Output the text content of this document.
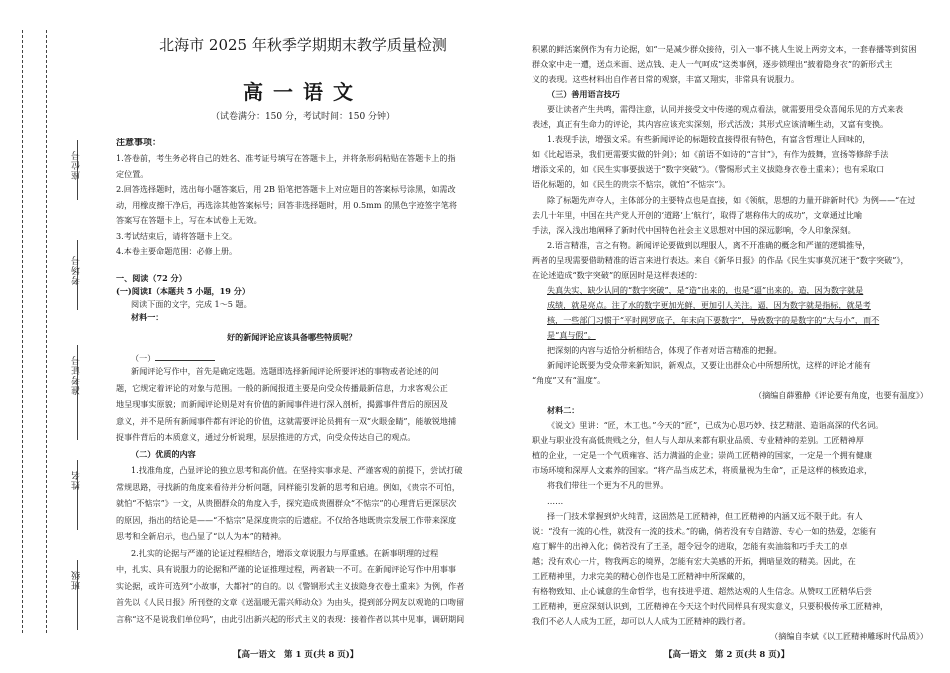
座位号
考场号
准考证号
姓名
班级
北海市 2025 年秋季学期期末教学质量检测
高一语文
（试卷满分：150 分，考试时间：150 分钟）
注意事项：
1.答卷前，考生务必将自己的姓名、准考证号填写在答题卡上，并将条形码粘贴在答题卡上的指
定位置。
2.回答选择题时，选出每小题答案后，用 2B 铅笔把答题卡上对应题目的答案标号涂黑，如需改
动，用橡皮擦干净后，再选涂其他答案标号；回答非选择题时，用 0.5mm 的黑色字迹签字笔将
答案写在答题卡上，写在本试卷上无效。
3.考试结束后，请将答题卡上交。
4.本卷主要命题范围：必修上册。
一、阅读（72 分）
(一)阅读Ⅰ（本题共 5 小题，19 分）
阅读下面的文字，完成 1～5 题。
材料一：
好的新闻评论应该具备哪些特质呢？
（一）
新闻评论写作中，首先是确定选题。选题即选择新闻评论所要评述的事物或者论述的问
题，它规定着评论的对象与范围。一般的新闻报道主要是向受众传播最新信息，力求客观公正
地呈现事实原貌；而新闻评论则是对有价值的新闻事件进行深入剖析，揭露事件背后的原因及
意义，并不是所有新闻事件都有评论的价值，这就需要评论员拥有一双“火眼金睛”，能敏锐地捕
捉事件背后的本质意义，通过分析说理，层层推进的方式，向受众传达自己的观点。
（二）优质的内容
1.找准角度，凸显评论的独立思考和高价值。在坚持实事求是、严谨客观的前提下，尝试打破
常规思路，寻找新的角度来看待并分析问题，同样能引发新的思考和启迪。例如，《贵宗不可怕，
就怕“不惦宗”》一文，从贵圈群众的角度入手，探究造成贵圈群众“不惦宗”的心理背后更深层次
的原因，指出的结论是——“不惦宗”是深度贵宗的后遗症。不仅给各地既贵宗发展工作带来深度
思考和全新启示，也凸显了“以人为本”的精神。
2.扎实的论据与严谨的论证过程相结合，增添文章说服力与厚重感。在新事明理的过程
中，扎实、具有说服力的论据和严谨的论证推理过程，两者缺一不可。在新闻评论写作中用事事
实论据，或许可选列“小故事，大都衬”的自的。以《警钢形式主义拔隐身衣卷土重来》为例，作者
首先以《人民日报》所刊登的文章《送温暖无需兴师动众》为由头，提到部分网友以观诡的口吻留
言称“这不是说我们单位吗”，由此引出新兴起的形式主义的表现：接着作者以其中见事，调研期间
积累的鲜活案例作为有力论据，如“一是减少群众接待，引入一事不挑人生说上两旁文本，一套春播等到贫困
群众家中走一遭，送点米面、送点钱、走人一气呵成”这类事例，逐步锁理出“披着隐身衣”的新形式主
义的表现。这些材料出自作者日常的观察，丰富又翔实，非常具有说服力。
（三）善用语言技巧
要让读者产生共鸣，需得注意，认同并接受文中传递的观点看法，就需要用受众喜闻乐见的方式来表
表述，真正有生命力的评论，其内容应该充实深刻，形式活泼；其形式应该清晰生动，又富有变换。
1.表现手法，增强文采。有些新闻评论的标题较直接得很有特色，有富含哲理让人回味的，
如《比起语录，我们更需要实做的针剑》；如《前语不如诗的“言甘”》，有作为鼓舞，宣扬等修辞手法
增添文采的，如《民生实事要拔送于“数字突破”》。（警惕形式主义拔隐身衣卷土重来）；也有采取口
语化标题的，如《民生的贵宗不惦宗，就怕“不惦宗”》。
除了标题先声夺人，主体部分的主要特点也是直接，如《领航，思想的力量开辟新时代》为例——“在过
去几十年里，中国在共产党人开创的‘道路’上‘航行’，取得了堪称伟大的成功”，文章通过比喻
手法，深入浅出地阐释了新时代中国特色社会主义思想对中国的深远影响，令人印象深刻。
2.语言精准，言之有物。新闻评论要做到以理服人，离不开准确的概念和严谨的逻辑推导，
两者的呈现需要借助精准的语言来进行表达。来自《新华日报》的作品《民生实事莫沉迷于“数字突破”》，
在论述造成“数字突破”的原因时是这样表述的：
失真失实、缺少认同的“数字突破”，是“造”出来的，也是“逼”出来的。造，因为数字就是
成绩，就是亮点。注了水的数字更加光鲜，更加引人关注。逼，因为数字就是指标，就是考
核，一些部门习惯于“平时网罗底子，年末向下要数字”，导致数字的是数字的“大与小”，而不
是“真与假”。
把深刻的内容与适恰分析相结合，体现了作者对语言精准的把握。
新闻评论既要为受众带来新知识，新观点，又要让出群众心中所想所忧，这样的评论才能有
“角度”又有“温度”。
（摘编自薛雅静《评论要有角度，也要有温度》）
材料二：
《说文》里讲：“匠，木工也。”今天的“匠”，已成为心思巧妙、技艺精湛、造诣高深的代名词。
职业与职业没有高低贵贱之分，但人与人却从来都有职业品质、专业精神的差别。工匠精神厚
植的企业，一定是一个气质雍容、活力满溢的企业；崇尚工匠精神的国家，一定是一个拥有健康
市场环境和深厚人文素养的国家。“将产品当成艺术，将质量视为生命”，正是这样的核致追求，
将我们带往一个更为不凡的世界。
……
择一门技术掌握到炉火纯青，这固然是工匠精神，但工匠精神的内涵又远不限于此。有人
说：“没有一流的心性，就没有一流的技术。”的确，倘若没有专自踏游、专心一如的热爱，怎能有
庖丁解牛的出神入化；倘若没有了王圣，超令冠令的进取，怎能有卖油翁和巧手夫工的卓
越；没有欢心一片，物我两忘的境界，怎能有宏大美感的开拓，拥暗显效的精美。因此，在
工匠精神里，力求完美的精心创作也是工匠精神中所深藏的，
有格物致知、止心诚意的生命哲学，也有技进乎道、超然达观的人生信念。从赞叹工匠精华后尝
工匠精神，更应深刻认识到，工匠精神在今天这个时代同样具有现实意义，只要积极传承工匠精神，
我们不必人人成为工匠，却可以人人成为工匠精神的践行者。
（摘编自李斌《以工匠精神雕琢时代品质》）
【高一语文　第 1 页(共 8 页)】	【高一语文　第 2 页(共 8 页)】
